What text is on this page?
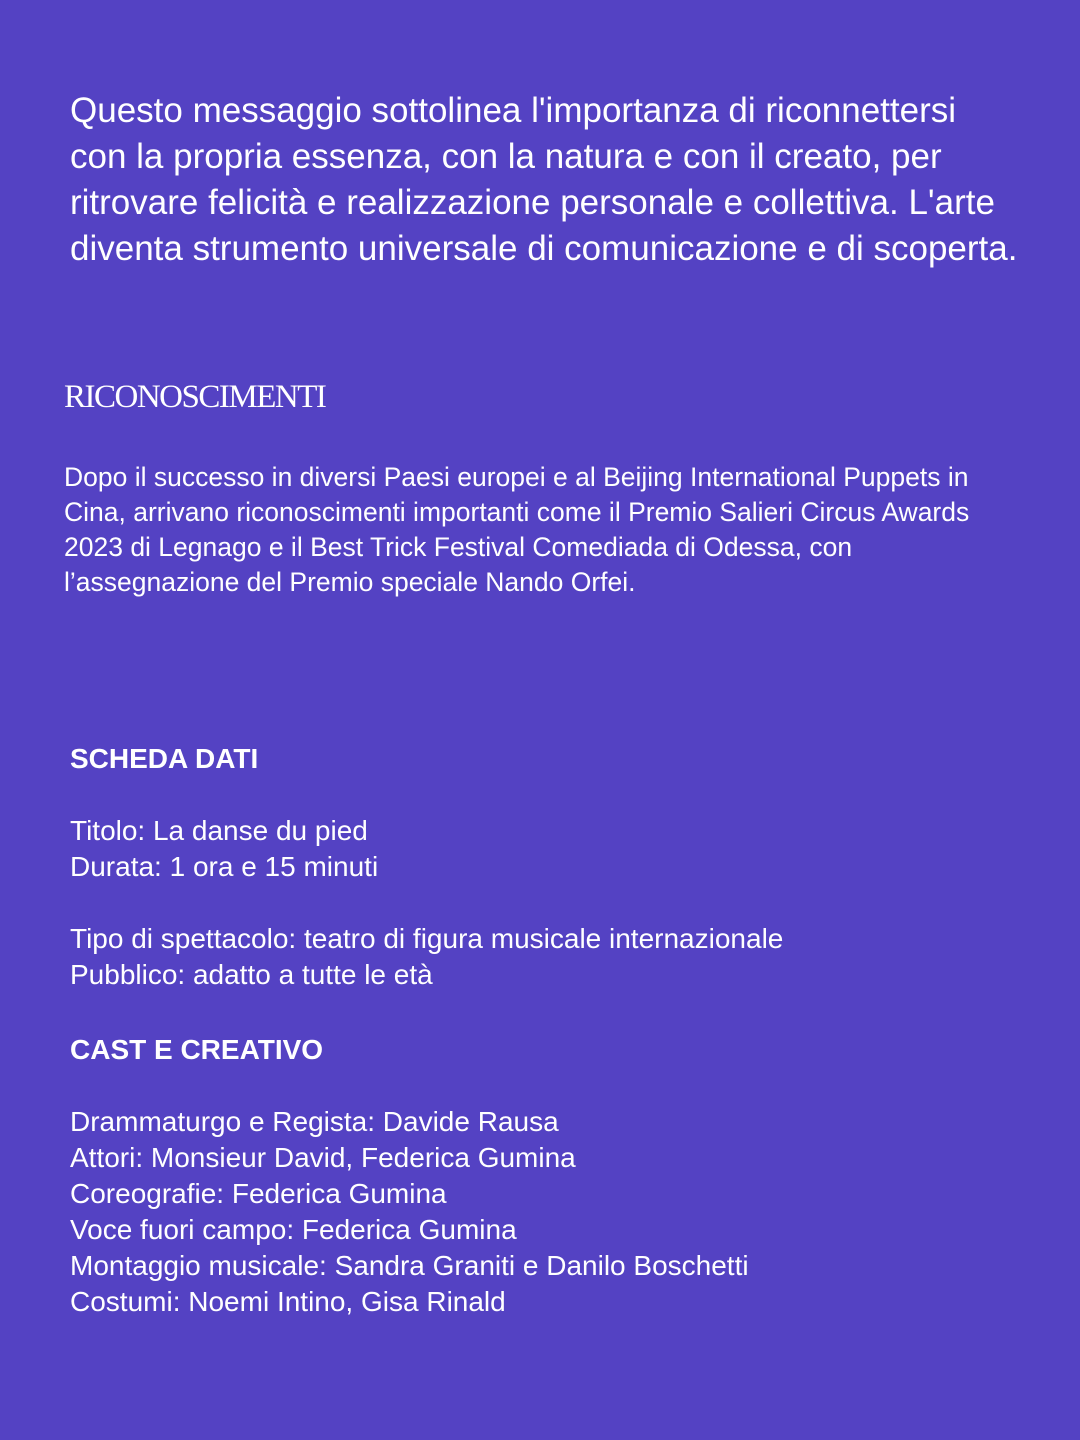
Questo messaggio sottolinea l'importanza di riconnettersi con la propria essenza, con la natura e con il creato, per ritrovare felicità e realizzazione personale e collettiva. L'arte diventa strumento universale di comunicazione e di scoperta.

RICONOSCIMENTI

Dopo il successo in diversi Paesi europei e al Beijing International Puppets in Cina, arrivano riconoscimenti importanti come il Premio Salieri Circus Awards 2023 di Legnago e il Best Trick Festival Comediada di Odessa, con l’assegnazione del Premio speciale Nando Orfei.

SCHEDA DATI
Titolo: La danse du pied
Durata: 1 ora e 15 minuti
Tipo di spettacolo: teatro di figura musicale internazionale
Pubblico: adatto a tutte le età
CAST E CREATIVO
Drammaturgo e Regista: Davide Rausa
Attori: Monsieur David, Federica Gumina
Coreografie: Federica Gumina
Voce fuori campo: Federica Gumina
Montaggio musicale: Sandra Graniti e Danilo Boschetti
Costumi: Noemi Intino, Gisa Rinald
